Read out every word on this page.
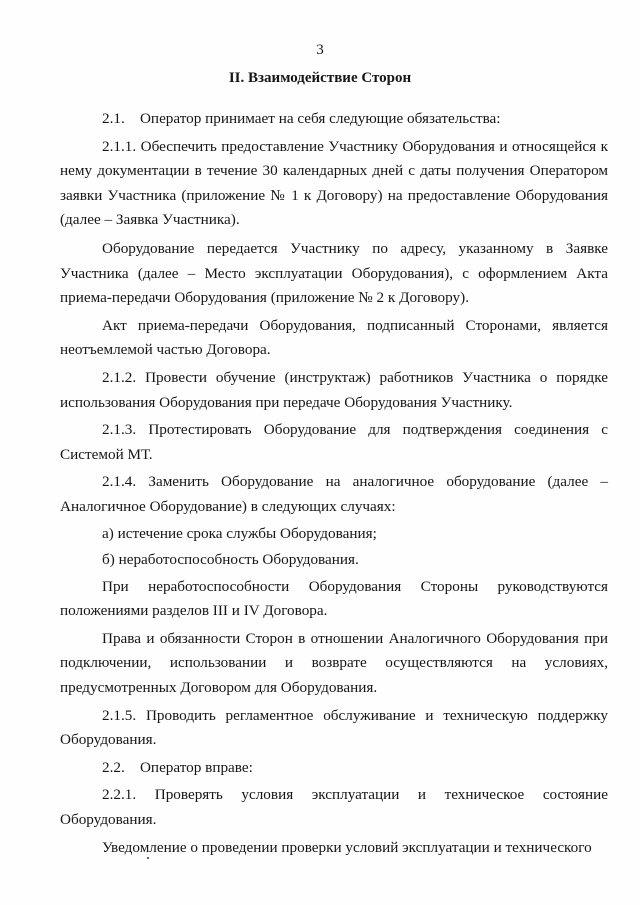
3
II. Взаимодействие Сторон

2.1.    Оператор принимает на себя следующие обязательства:

2.1.1. Обеспечить предоставление Участнику Оборудования и относящейся к нему документации в течение 30 календарных дней с даты получения Оператором заявки Участника (приложение № 1 к Договору) на предоставление Оборудования (далее – Заявка Участника).

Оборудование передается Участнику по адресу, указанному в Заявке Участника (далее – Место эксплуатации Оборудования), с оформлением Акта приема-передачи Оборудования (приложение № 2 к Договору).

Акт приема-передачи Оборудования, подписанный Сторонами, является неотъемлемой частью Договора.

2.1.2. Провести обучение (инструктаж) работников Участника о порядке использования Оборудования при передаче Оборудования Участнику.

2.1.3. Протестировать Оборудование для подтверждения соединения с Системой МТ.

2.1.4. Заменить Оборудование на аналогичное оборудование (далее – Аналогичное Оборудование) в следующих случаях:

а) истечение срока службы Оборудования;

б) неработоспособность Оборудования.

При неработоспособности Оборудования Стороны руководствуются положениями разделов III и IV Договора.

Права и обязанности Сторон в отношении Аналогичного Оборудования при подключении, использовании и возврате осуществляются на условиях, предусмотренных Договором для Оборудования.

2.1.5. Проводить регламентное обслуживание и техническую поддержку Оборудования.

2.2.    Оператор вправе:

2.2.1. Проверять условия эксплуатации и техническое состояние Оборудования.

Уведомление о проведении проверки условий эксплуатации и технического
